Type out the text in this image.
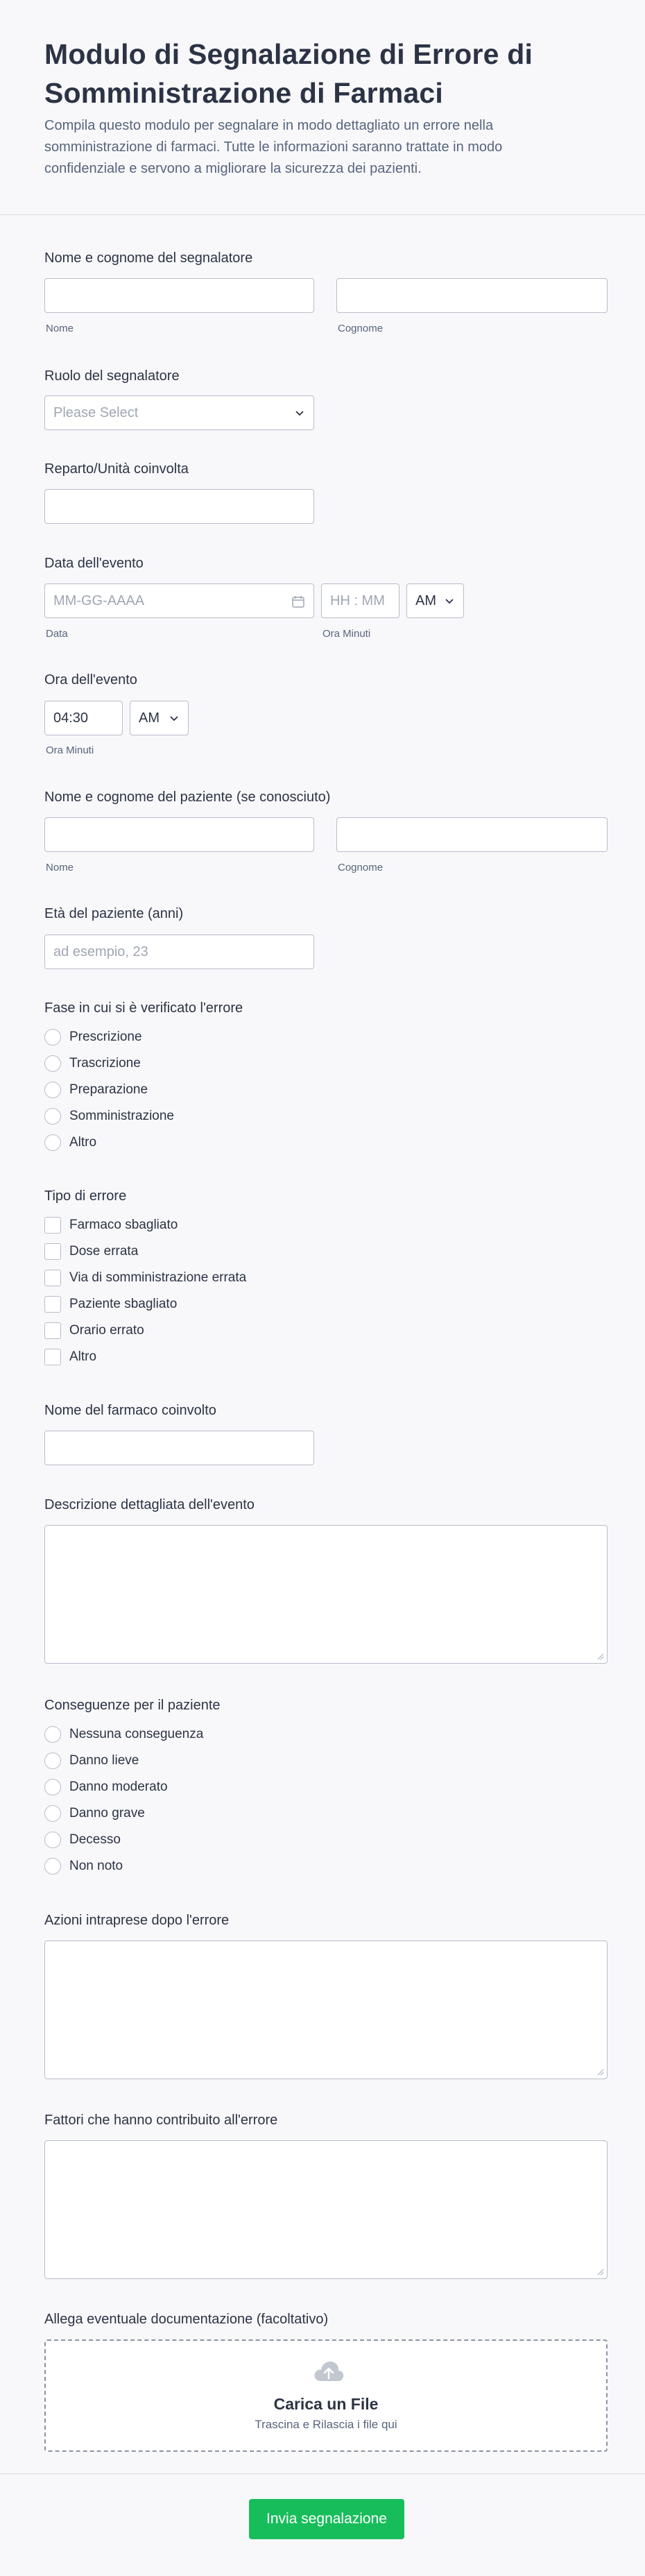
Modulo di Segnalazione di Errore di Somministrazione di Farmaci

Compila questo modulo per segnalare in modo dettagliato un errore nella somministrazione di farmaci. Tutte le informazioni saranno trattate in modo confidenziale e servono a migliorare la sicurezza dei pazienti.

Nome e cognome del segnalatore
Nome	Cognome
Ruolo del segnalatore
Please Select
Reparto/Unità coinvolta
Data dell'evento
MM-GG-AAAA	HH : MM AM
Data	Ora Minuti
Ora dell'evento
04:30	AM
Ora Minuti
Nome e cognome del paziente (se conosciuto)
Nome	Cognome
Età del paziente (anni)
ad esempio, 23
Fase in cui si è verificato l'errore
Prescrizione
Trascrizione
Preparazione
Somministrazione
Altro
Tipo di errore
Farmaco sbagliato
Dose errata
Via di somministrazione errata
Paziente sbagliato
Orario errato
Altro
Nome del farmaco coinvolto
Descrizione dettagliata dell'evento
Conseguenze per il paziente
Nessuna conseguenza
Danno lieve
Danno moderato
Danno grave
Decesso
Non noto
Azioni intraprese dopo l'errore
Fattori che hanno contribuito all'errore
Allega eventuale documentazione (facoltativo)
Carica un File
Trascina e Rilascia i file qui
Invia segnalazione
